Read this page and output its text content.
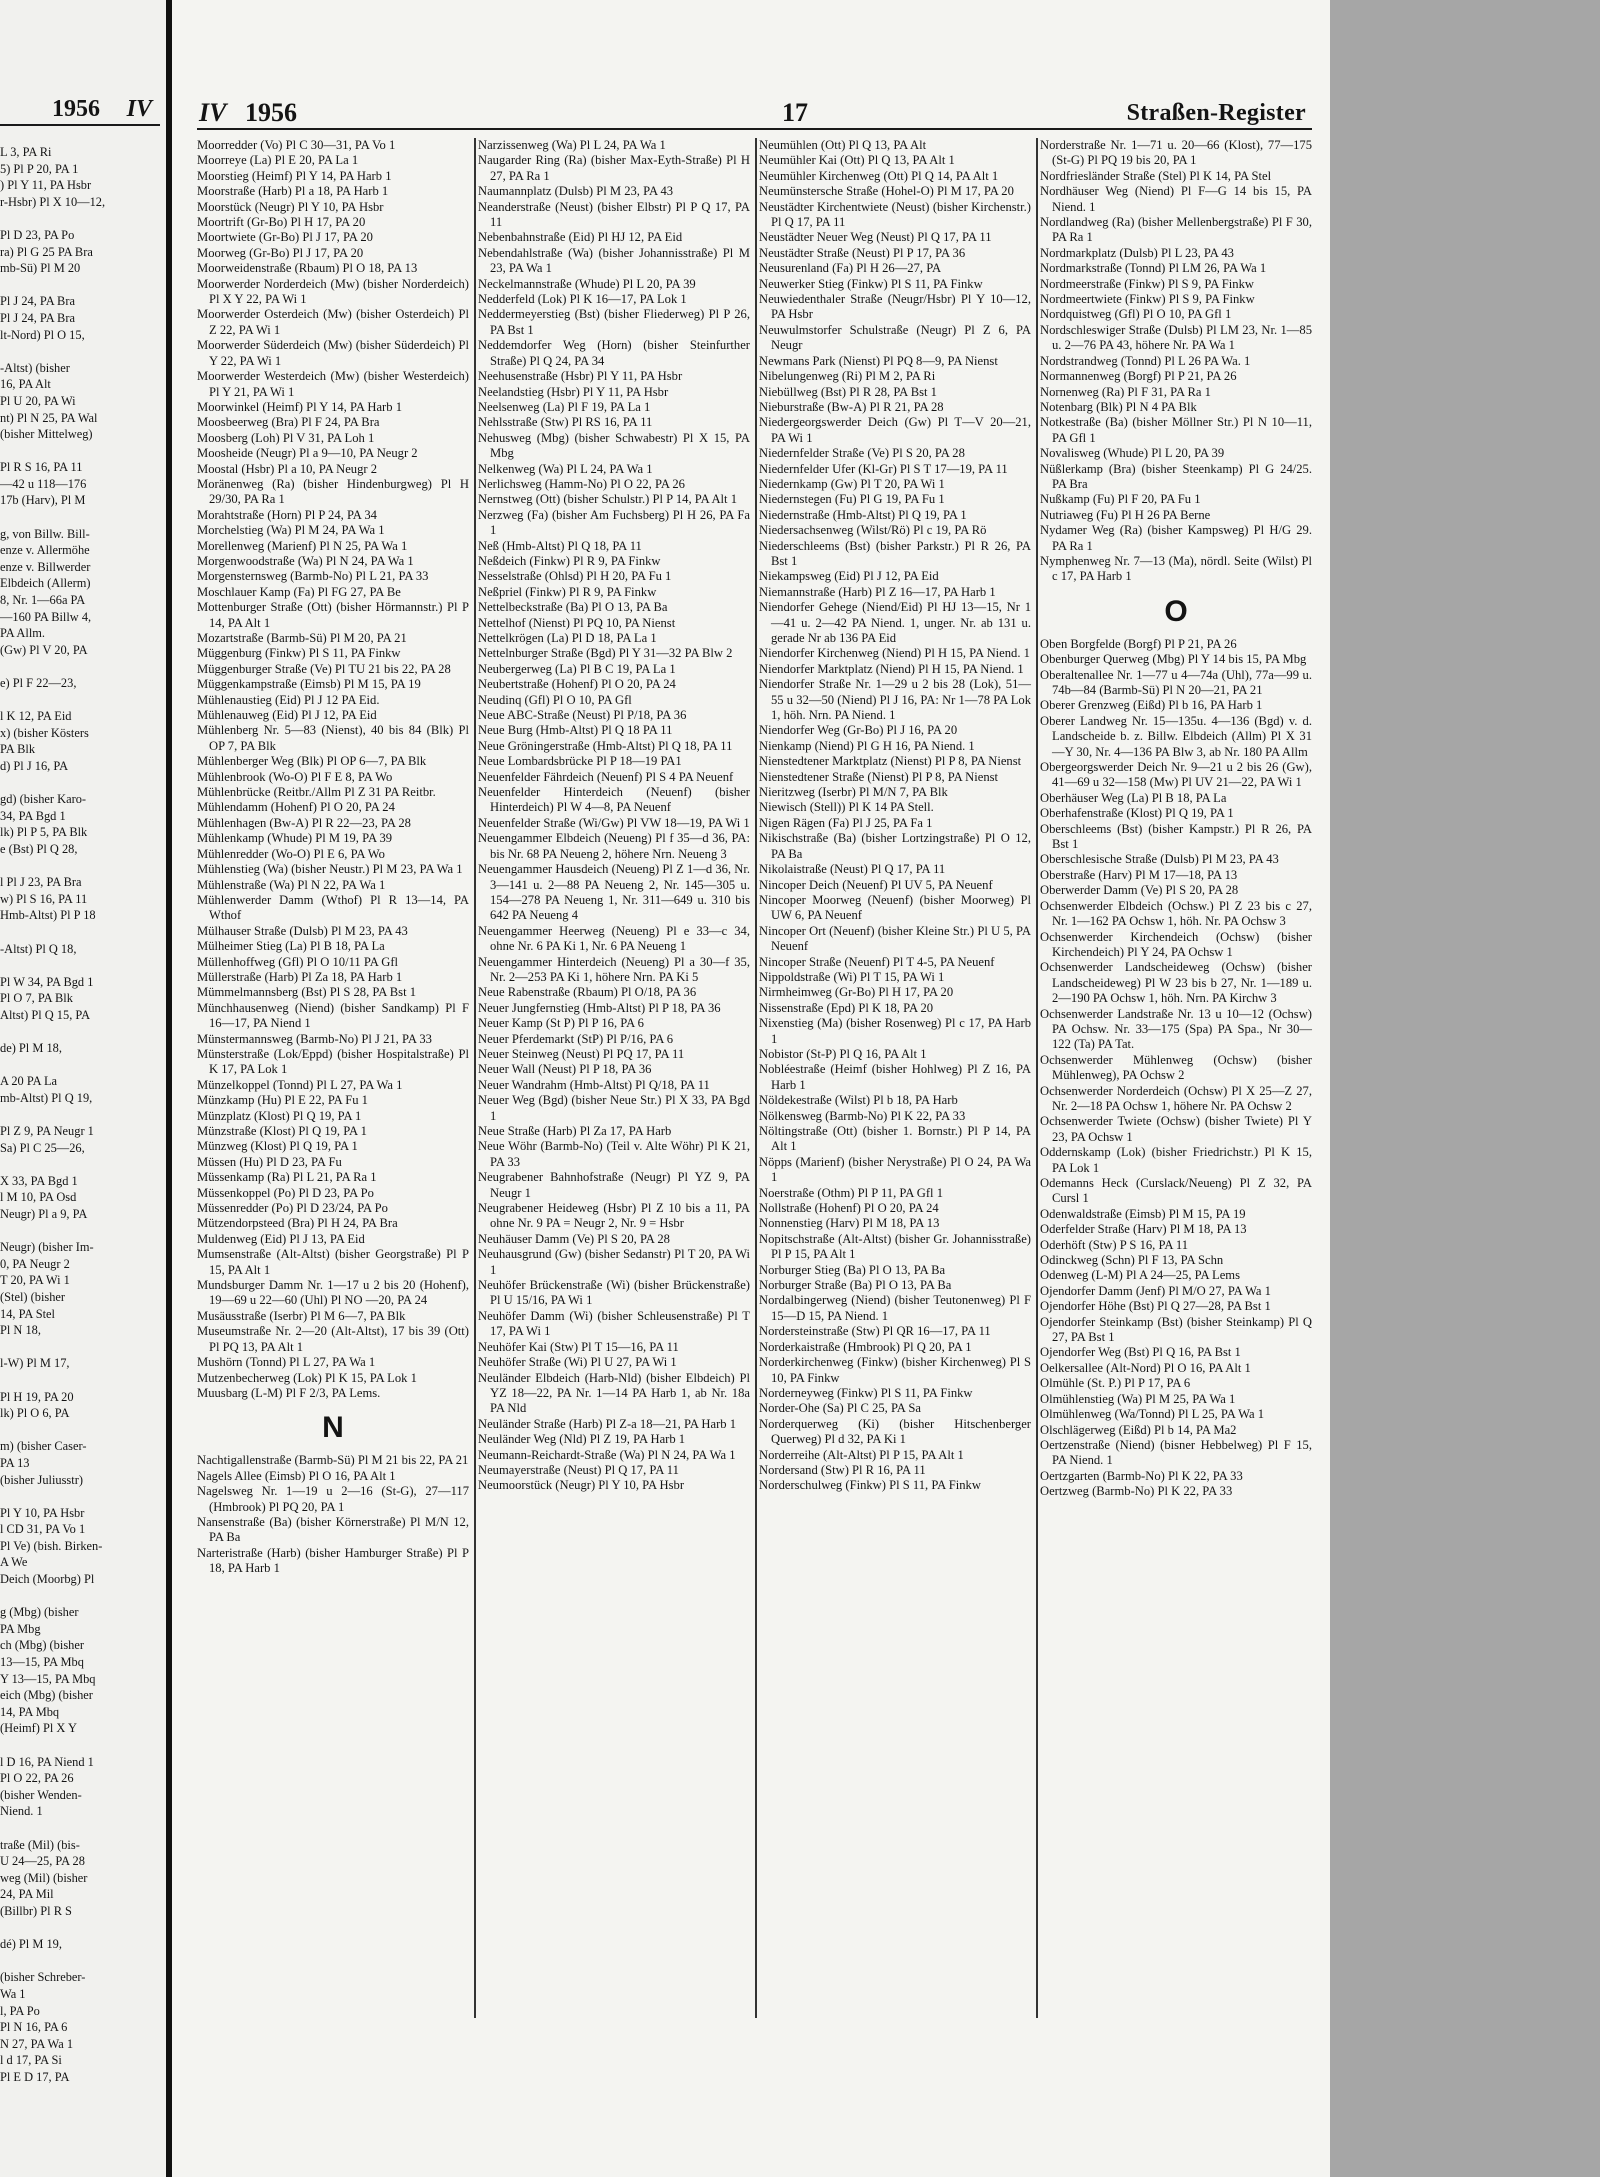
1956 IV
L 3, PA Ri
5) Pl P 20, PA 1
) Pl Y 11, PA Hsbr
r-Hsbr) Pl X 10—12,

Pl D 23, PA Po
ra) Pl G 25 PA Bra
mb-Sü) Pl M 20

Pl J 24, PA Bra
Pl J 24, PA Bra
lt-Nord) Pl O 15,

-Altst) (bisher
16, PA Alt
Pl U 20, PA Wi
nt) Pl N 25, PA Wal
(bisher Mittelweg)

Pl R S 16, PA 11
—42 u 118—176
17b (Harv), Pl M

g, von Billw. Bill-
enze v. Allermöhe
enze v. Billwerder
Elbdeich (Allerm)
8, Nr. 1—66a PA
—160 PA Billw 4,
PA Allm.
(Gw) Pl V 20, PA

e) Pl F 22—23,

l K 12, PA Eid
x) (bisher Kösters
PA Blk
d) Pl J 16, PA

gd) (bisher Karo-
34, PA Bgd 1
lk) Pl P 5, PA Blk
e (Bst) Pl Q 28,

l Pl J 23, PA Bra
w) Pl S 16, PA 11
Hmb-Altst) Pl P 18

-Altst) Pl Q 18,

Pl W 34, PA Bgd 1
Pl O 7, PA Blk
Altst) Pl Q 15, PA

de) Pl M 18,

A 20 PA La
mb-Altst) Pl Q 19,

Pl Z 9, PA Neugr 1
Sa) Pl C 25—26,

X 33, PA Bgd 1
l M 10, PA Osd
Neugr) Pl a 9, PA

Neugr) (bisher Im-
0, PA Neugr 2
T 20, PA Wi 1
(Stel) (bisher
14, PA Stel
Pl N 18,

l-W) Pl M 17,

Pl H 19, PA 20
lk) Pl O 6, PA

m) (bisher Caser-
PA 13
(bisher Juliusstr)

Pl Y 10, PA Hsbr
l CD 31, PA Vo 1
Pl Ve) (bish. Birken-
A We
Deich (Moorbg) Pl

g (Mbg) (bisher
PA Mbg
ch (Mbg) (bisher
13—15, PA Mbq
Y 13—15, PA Mbq
eich (Mbg) (bisher
14, PA Mbq
(Heimf) Pl X Y

l D 16, PA Niend 1
Pl O 22, PA 26
(bisher Wenden-
Niend. 1

traße (Mil) (bis-
U 24—25, PA 28
weg (Mil) (bisher
24, PA Mil
(Billbr) Pl R S

dé) Pl M 19,

(bisher Schreber-
Wa 1
l, PA Po
Pl N 16, PA 6
N 27, PA Wa 1
l d 17, PA Si
Pl E D 17, PA
IV 1956	17	Straßen-Register

Moorredder (Vo) Pl C 30—31, PA Vo 1

Moorreye (La) Pl E 20, PA La 1

Moorstieg (Heimf) Pl Y 14, PA Harb 1

Moorstraße (Harb) Pl a 18, PA Harb 1

Moorstück (Neugr) Pl Y 10, PA Hsbr

Moortrift (Gr-Bo) Pl H 17, PA 20

Moortwiete (Gr-Bo) Pl J 17, PA 20

Moorweg (Gr-Bo) Pl J 17, PA 20

Moorweidenstraße (Rbaum) Pl O 18, PA 13

Moorwerder Norderdeich (Mw) (bisher Norderdeich) Pl X Y 22, PA Wi 1

Moorwerder Osterdeich (Mw) (bisher Osterdeich) Pl Z 22, PA Wi 1

Moorwerder Süderdeich (Mw) (bisher Süderdeich) Pl Y 22, PA Wi 1

Moorwerder Westerdeich (Mw) (bisher Westerdeich) Pl Y 21, PA Wi 1

Moorwinkel (Heimf) Pl Y 14, PA Harb 1

Moosbeerweg (Bra) Pl F 24, PA Bra

Moosberg (Loh) Pl V 31, PA Loh 1

Moosheide (Neugr) Pl a 9—10, PA Neugr 2

Moostal (Hsbr) Pl a 10, PA Neugr 2

Moränenweg (Ra) (bisher Hindenburgweg) Pl H 29/30, PA Ra 1

Morahtstraße (Horn) Pl P 24, PA 34

Morchelstieg (Wa) Pl M 24, PA Wa 1

Morellenweg (Marienf) Pl N 25, PA Wa 1

Morgenwoodstraße (Wa) Pl N 24, PA Wa 1

Morgensternsweg (Barmb-No) Pl L 21, PA 33

Moschlauer Kamp (Fa) Pl FG 27, PA Be

Mottenburger Straße (Ott) (bisher Hörmannstr.) Pl P 14, PA Alt 1

Mozartstraße (Barmb-Sü) Pl M 20, PA 21

Müggenburg (Finkw) Pl S 11, PA Finkw

Müggenburger Straße (Ve) Pl TU 21 bis 22, PA 28

Müggenkampstraße (Eimsb) Pl M 15, PA 19

Mühlenaustieg (Eid) Pl J 12 PA Eid.

Mühlenauweg (Eid) Pl J 12, PA Eid

Mühlenberg Nr. 5—83 (Nienst), 40 bis 84 (Blk) Pl OP 7, PA Blk

Mühlenberger Weg (Blk) Pl OP 6—7, PA Blk

Mühlenbrook (Wo-O) Pl F E 8, PA Wo

Mühlenbrücke (Reitbr./Allm Pl Z 31 PA Reitbr.

Mühlendamm (Hohenf) Pl O 20, PA 24

Mühlenhagen (Bw-A) Pl R 22—23, PA 28

Mühlenkamp (Whude) Pl M 19, PA 39

Mühlenredder (Wo-O) Pl E 6, PA Wo

Mühlenstieg (Wa) (bisher Neustr.) Pl M 23, PA Wa 1

Mühlenstraße (Wa) Pl N 22, PA Wa 1

Mühlenwerder Damm (Wthof) Pl R 13—14, PA Wthof

Mülhauser Straße (Dulsb) Pl M 23, PA 43

Mülheimer Stieg (La) Pl B 18, PA La

Müllenhoffweg (Gfl) Pl O 10/11 PA Gfl

Müllerstraße (Harb) Pl Za 18, PA Harb 1

Mümmelmannsberg (Bst) Pl S 28, PA Bst 1

Münchhausenweg (Niend) (bisher Sandkamp) Pl F 16—17, PA Niend 1

Münstermannsweg (Barmb-No) Pl J 21, PA 33

Münsterstraße (Lok/Eppd) (bisher Hospitalstraße) Pl K 17, PA Lok 1

Münzelkoppel (Tonnd) Pl L 27, PA Wa 1

Münzkamp (Hu) Pl E 22, PA Fu 1

Münzplatz (Klost) Pl Q 19, PA 1

Münzstraße (Klost) Pl Q 19, PA 1

Münzweg (Klost) Pl Q 19, PA 1

Müssen (Hu) Pl D 23, PA Fu

Müssenkamp (Ra) Pl L 21, PA Ra 1

Müssenkoppel (Po) Pl D 23, PA Po

Müssenredder (Po) Pl D 23/24, PA Po

Mützendorpsteed (Bra) Pl H 24, PA Bra

Muldenweg (Eid) Pl J 13, PA Eid

Mumsenstraße (Alt-Altst) (bisher Georgstraße) Pl P 15, PA Alt 1

Mundsburger Damm Nr. 1—17 u 2 bis 20 (Hohenf), 19—69 u 22—60 (Uhl) Pl NO —20, PA 24

Musäusstraße (Iserbr) Pl M 6—7, PA Blk

Museumstraße Nr. 2—20 (Alt-Altst), 17 bis 39 (Ott) Pl PQ 13, PA Alt 1

Mushörn (Tonnd) Pl L 27, PA Wa 1

Mutzenbecherweg (Lok) Pl K 15, PA Lok 1

Muusbarg (L-M) Pl F 2/3, PA Lems.

N

Nachtigallenstraße (Barmb-Sü) Pl M 21 bis 22, PA 21

Nagels Allee (Eimsb) Pl O 16, PA Alt 1

Nagelsweg Nr. 1—19 u 2—16 (St-G), 27—117 (Hmbrook) Pl PQ 20, PA 1

Nansenstraße (Ba) (bisher Körnerstraße) Pl M/N 12, PA Ba

Narteristraße (Harb) (bisher Hamburger Straße) Pl P 18, PA Harb 1

Narzissenweg (Wa) Pl L 24, PA Wa 1

Naugarder Ring (Ra) (bisher Max-Eyth-Straße) Pl H 27, PA Ra 1

Naumannplatz (Dulsb) Pl M 23, PA 43

Neanderstraße (Neust) (bisher Elbstr) Pl P Q 17, PA 11

Nebenbahnstraße (Eid) Pl HJ 12, PA Eid

Nebendahlstraße (Wa) (bisher Johannisstraße) Pl M 23, PA Wa 1

Neckelmannstraße (Whude) Pl L 20, PA 39

Nedderfeld (Lok) Pl K 16—17, PA Lok 1

Neddermeyerstieg (Bst) (bisher Fliederweg) Pl P 26, PA Bst 1

Neddemdorfer Weg (Horn) (bisher Steinfurther Straße) Pl Q 24, PA 34

Neehusenstraße (Hsbr) Pl Y 11, PA Hsbr

Neelandstieg (Hsbr) Pl Y 11, PA Hsbr

Neelsenweg (La) Pl F 19, PA La 1

Nehlsstraße (Stw) Pl RS 16, PA 11

Nehusweg (Mbg) (bisher Schwabestr) Pl X 15, PA Mbg

Nelkenweg (Wa) Pl L 24, PA Wa 1

Nerlichsweg (Hamm-No) Pl O 22, PA 26

Nernstweg (Ott) (bisher Schulstr.) Pl P 14, PA Alt 1

Nerzweg (Fa) (bisher Am Fuchsberg) Pl H 26, PA Fa 1

Neß (Hmb-Altst) Pl Q 18, PA 11

Neßdeich (Finkw) Pl R 9, PA Finkw

Nesselstraße (Ohlsd) Pl H 20, PA Fu 1

Neßpriel (Finkw) Pl R 9, PA Finkw

Nettelbeckstraße (Ba) Pl O 13, PA Ba

Nettelhof (Nienst) Pl PQ 10, PA Nienst

Nettelkrögen (La) Pl D 18, PA La 1

Nettelnburger Straße (Bgd) Pl Y 31—32 PA Blw 2

Neubergerweg (La) Pl B C 19, PA La 1

Neubertstraße (Hohenf) Pl O 20, PA 24

Neudinq (Gfl) Pl O 10, PA Gfl

Neue ABC-Straße (Neust) Pl P/18, PA 36

Neue Burg (Hmb-Altst) Pl Q 18 PA 11

Neue Gröningerstraße (Hmb-Altst) Pl Q 18, PA 11

Neue Lombardsbrücke Pl P 18—19 PA1

Neuenfelder Fährdeich (Neuenf) Pl S 4 PA Neuenf

Neuenfelder Hinterdeich (Neuenf) (bisher Hinterdeich) Pl W 4—8, PA Neuenf

Neuenfelder Straße (Wi/Gw) Pl VW 18—19, PA Wi 1

Neuengammer Elbdeich (Neueng) Pl f 35—d 36, PA: bis Nr. 68 PA Neueng 2, höhere Nrn. Neueng 3

Neuengammer Hausdeich (Neueng) Pl Z 1—d 36, Nr. 3—141 u. 2—88 PA Neueng 2, Nr. 145—305 u. 154—278 PA Neueng 1, Nr. 311—649 u. 310 bis 642 PA Neueng 4

Neuengammer Heerweg (Neueng) Pl e 33—c 34, ohne Nr. 6 PA Ki 1, Nr. 6 PA Neueng 1

Neuengammer Hinterdeich (Neueng) Pl a 30—f 35, Nr. 2—253 PA Ki 1, höhere Nrn. PA Ki 5

Neue Rabenstraße (Rbaum) Pl O/18, PA 36

Neuer Jungfernstieg (Hmb-Altst) Pl P 18, PA 36

Neuer Kamp (St P) Pl P 16, PA 6

Neuer Pferdemarkt (StP) Pl P/16, PA 6

Neuer Steinweg (Neust) Pl PQ 17, PA 11

Neuer Wall (Neust) Pl P 18, PA 36

Neuer Wandrahm (Hmb-Altst) Pl Q/18, PA 11

Neuer Weg (Bgd) (bisher Neue Str.) Pl X 33, PA Bgd 1

Neue Straße (Harb) Pl Za 17, PA Harb

Neue Wöhr (Barmb-No) (Teil v. Alte Wöhr) Pl K 21, PA 33

Neugrabener Bahnhofstraße (Neugr) Pl YZ 9, PA Neugr 1

Neugrabener Heideweg (Hsbr) Pl Z 10 bis a 11, PA ohne Nr. 9 PA = Neugr 2, Nr. 9 = Hsbr

Neuhäuser Damm (Ve) Pl S 20, PA 28

Neuhausgrund (Gw) (bisher Sedanstr) Pl T 20, PA Wi 1

Neuhöfer Brückenstraße (Wi) (bisher Brückenstraße) Pl U 15/16, PA Wi 1

Neuhöfer Damm (Wi) (bisher Schleusenstraße) Pl T 17, PA Wi 1

Neuhöfer Kai (Stw) Pl T 15—16, PA 11

Neuhöfer Straße (Wi) Pl U 27, PA Wi 1

Neuländer Elbdeich (Harb-Nld) (bisher Elbdeich) Pl YZ 18—22, PA Nr. 1—14 PA Harb 1, ab Nr. 18a PA Nld

Neuländer Straße (Harb) Pl Z-a 18—21, PA Harb 1

Neuländer Weg (Nld) Pl Z 19, PA Harb 1

Neumann-Reichardt-Straße (Wa) Pl N 24, PA Wa 1

Neumayerstraße (Neust) Pl Q 17, PA 11

Neumoorstück (Neugr) Pl Y 10, PA Hsbr

Neumühlen (Ott) Pl Q 13, PA Alt

Neumühler Kai (Ott) Pl Q 13, PA Alt 1

Neumühler Kirchenweg (Ott) Pl Q 14, PA Alt 1

Neumünstersche Straße (Hohel-O) Pl M 17, PA 20

Neustädter Kirchentwiete (Neust) (bisher Kirchenstr.) Pl Q 17, PA 11

Neustädter Neuer Weg (Neust) Pl Q 17, PA 11

Neustädter Straße (Neust) Pl P 17, PA 36

Neusurenland (Fa) Pl H 26—27, PA

Neuwerker Stieg (Finkw) Pl S 11, PA Finkw

Neuwiedenthaler Straße (Neugr/Hsbr) Pl Y 10—12, PA Hsbr

Neuwulmstorfer Schulstraße (Neugr) Pl Z 6, PA Neugr

Newmans Park (Nienst) Pl PQ 8—9, PA Nienst

Nibelungenweg (Ri) Pl M 2, PA Ri

Niebüllweg (Bst) Pl R 28, PA Bst 1

Nieburstraße (Bw-A) Pl R 21, PA 28

Niedergeorgswerder Deich (Gw) Pl T—V 20—21, PA Wi 1

Niedernfelder Straße (Ve) Pl S 20, PA 28

Niedernfelder Ufer (Kl-Gr) Pl S T 17—19, PA 11

Niedernkamp (Gw) Pl T 20, PA Wi 1

Niedernstegen (Fu) Pl G 19, PA Fu 1

Niedernstraße (Hmb-Altst) Pl Q 19, PA 1

Niedersachsenweg (Wilst/Rö) Pl c 19, PA Rö

Niederschleems (Bst) (bisher Parkstr.) Pl R 26, PA Bst 1

Niekampsweg (Eid) Pl J 12, PA Eid

Niemannstraße (Harb) Pl Z 16—17, PA Harb 1

Niendorfer Gehege (Niend/Eid) Pl HJ 13—15, Nr 1—41 u. 2—42 PA Niend. 1, unger. Nr. ab 131 u. gerade Nr ab 136 PA Eid

Niendorfer Kirchenweg (Niend) Pl H 15, PA Niend. 1

Niendorfer Marktplatz (Niend) Pl H 15, PA Niend. 1

Niendorfer Straße Nr. 1—29 u 2 bis 28 (Lok), 51—55 u 32—50 (Niend) Pl J 16, PA: Nr 1—78 PA Lok 1, höh. Nrn. PA Niend. 1

Niendorfer Weg (Gr-Bo) Pl J 16, PA 20

Nienkamp (Niend) Pl G H 16, PA Niend. 1

Nienstedtener Marktplatz (Nienst) Pl P 8, PA Nienst

Nienstedtener Straße (Nienst) Pl P 8, PA Nienst

Nieritzweg (Iserbr) Pl M/N 7, PA Blk

Niewisch (Stell)) Pl K 14 PA Stell.

Nigen Rägen (Fa) Pl J 25, PA Fa 1

Nikischstraße (Ba) (bisher Lortzingstraße) Pl O 12, PA Ba

Nikolaistraße (Neust) Pl Q 17, PA 11

Nincoper Deich (Neuenf) Pl UV 5, PA Neuenf

Nincoper Moorweg (Neuenf) (bisher Moorweg) Pl UW 6, PA Neuenf

Nincoper Ort (Neuenf) (bisher Kleine Str.) Pl U 5, PA Neuenf

Nincoper Straße (Neuenf) Pl T 4-5, PA Neuenf

Nippoldstraße (Wi) Pl T 15, PA Wi 1

Nirmheimweg (Gr-Bo) Pl H 17, PA 20

Nissenstraße (Epd) Pl K 18, PA 20

Nixenstieg (Ma) (bisher Rosenweg) Pl c 17, PA Harb 1

Nobistor (St-P) Pl Q 16, PA Alt 1

Nobléestraße (Heimf (bisher Hohlweg) Pl Z 16, PA Harb 1

Nöldekestraße (Wilst) Pl b 18, PA Harb

Nölkensweg (Barmb-No) Pl K 22, PA 33

Nöltingstraße (Ott) (bisher 1. Bornstr.) Pl P 14, PA Alt 1

Nöpps (Marienf) (bisher Nerystraße) Pl O 24, PA Wa 1

Noerstraße (Othm) Pl P 11, PA Gfl 1

Nollstraße (Hohenf) Pl O 20, PA 24

Nonnenstieg (Harv) Pl M 18, PA 13

Nopitschstraße (Alt-Altst) (bisher Gr. Johannisstraße) Pl P 15, PA Alt 1

Norburger Stieg (Ba) Pl O 13, PA Ba

Norburger Straße (Ba) Pl O 13, PA Ba

Nordalbingerweg (Niend) (bisher Teutonenweg) Pl F 15—D 15, PA Niend. 1

Nordersteinstraße (Stw) Pl QR 16—17, PA 11

Norderkaistraße (Hmbrook) Pl Q 20, PA 1

Norderkirchenweg (Finkw) (bisher Kirchenweg) Pl S 10, PA Finkw

Norderneyweg (Finkw) Pl S 11, PA Finkw

Norder-Ohe (Sa) Pl C 25, PA Sa

Norderquerweg (Ki) (bisher Hitschenberger Querweg) Pl d 32, PA Ki 1

Norderreihe (Alt-Altst) Pl P 15, PA Alt 1

Nordersand (Stw) Pl R 16, PA 11

Norderschulweg (Finkw) Pl S 11, PA Finkw

Norderstraße Nr. 1—71 u. 20—66 (Klost), 77—175 (St-G) Pl PQ 19 bis 20, PA 1

Nordfriesländer Straße (Stel) Pl K 14, PA Stel

Nordhäuser Weg (Niend) Pl F—G 14 bis 15, PA Niend. 1

Nordlandweg (Ra) (bisher Mellenbergstraße) Pl F 30, PA Ra 1

Nordmarkplatz (Dulsb) Pl L 23, PA 43

Nordmarkstraße (Tonnd) Pl LM 26, PA Wa 1

Nordmeerstraße (Finkw) Pl S 9, PA Finkw

Nordmeertwiete (Finkw) Pl S 9, PA Finkw

Nordquistweg (Gfl) Pl O 10, PA Gfl 1

Nordschleswiger Straße (Dulsb) Pl LM 23, Nr. 1—85 u. 2—76 PA 43, höhere Nr. PA Wa 1

Nordstrandweg (Tonnd) Pl L 26 PA Wa. 1

Normannenweg (Borgf) Pl P 21, PA 26

Nornenweg (Ra) Pl F 31, PA Ra 1

Notenbarg (Blk) Pl N 4 PA Blk

Notkestraße (Ba) (bisher Möllner Str.) Pl N 10—11, PA Gfl 1

Novalisweg (Whude) Pl L 20, PA 39

Nüßlerkamp (Bra) (bisher Steenkamp) Pl G 24/25. PA Bra

Nußkamp (Fu) Pl F 20, PA Fu 1

Nutriaweg (Fu) Pl H 26 PA Berne

Nydamer Weg (Ra) (bisher Kampsweg) Pl H/G 29. PA Ra 1

Nymphenweg Nr. 7—13 (Ma), nördl. Seite (Wilst) Pl c 17, PA Harb 1

O

Oben Borgfelde (Borgf) Pl P 21, PA 26

Obenburger Querweg (Mbg) Pl Y 14 bis 15, PA Mbg

Oberaltenallee Nr. 1—77 u 4—74a (Uhl), 77a—99 u. 74b—84 (Barmb-Sü) Pl N 20—21, PA 21

Oberer Grenzweg (Eißd) Pl b 16, PA Harb 1

Oberer Landweg Nr. 15—135u. 4—136 (Bgd) v. d. Landscheide b. z. Billw. Elbdeich (Allm) Pl X 31—Y 30, Nr. 4—136 PA Blw 3, ab Nr. 180 PA Allm

Obergeorgswerder Deich Nr. 9—21 u 2 bis 26 (Gw), 41—69 u 32—158 (Mw) Pl UV 21—22, PA Wi 1

Oberhäuser Weg (La) Pl B 18, PA La

Oberhafenstraße (Klost) Pl Q 19, PA 1

Oberschleems (Bst) (bisher Kampstr.) Pl R 26, PA Bst 1

Oberschlesische Straße (Dulsb) Pl M 23, PA 43

Oberstraße (Harv) Pl M 17—18, PA 13

Oberwerder Damm (Ve) Pl S 20, PA 28

Ochsenwerder Elbdeich (Ochsw.) Pl Z 23 bis c 27, Nr. 1—162 PA Ochsw 1, höh. Nr. PA Ochsw 3

Ochsenwerder Kirchendeich (Ochsw) (bisher Kirchendeich) Pl Y 24, PA Ochsw 1

Ochsenwerder Landscheideweg (Ochsw) (bisher Landscheideweg) Pl W 23 bis b 27, Nr. 1—189 u. 2—190 PA Ochsw 1, höh. Nrn. PA Kirchw 3

Ochsenwerder Landstraße Nr. 13 u 10—12 (Ochsw) PA Ochsw. Nr. 33—175 (Spa) PA Spa., Nr 30—122 (Ta) PA Tat.

Ochsenwerder Mühlenweg (Ochsw) (bisher Mühlenweg), PA Ochsw 2

Ochsenwerder Norderdeich (Ochsw) Pl X 25—Z 27, Nr. 2—18 PA Ochsw 1, höhere Nr. PA Ochsw 2

Ochsenwerder Twiete (Ochsw) (bisher Twiete) Pl Y 23, PA Ochsw 1

Oddernskamp (Lok) (bisher Friedrichstr.) Pl K 15, PA Lok 1

Odemanns Heck (Curslack/Neueng) Pl Z 32, PA Cursl 1

Odenwaldstraße (Eimsb) Pl M 15, PA 19

Oderfelder Straße (Harv) Pl M 18, PA 13

Oderhöft (Stw) P S 16, PA 11

Odinckweg (Schn) Pl F 13, PA Schn

Odenweg (L-M) Pl A 24—25, PA Lems

Ojendorfer Damm (Jenf) Pl M/O 27, PA Wa 1

Ojendorfer Höhe (Bst) Pl Q 27—28, PA Bst 1

Ojendorfer Steinkamp (Bst) (bisher Steinkamp) Pl Q 27, PA Bst 1

Ojendorfer Weg (Bst) Pl Q 16, PA Bst 1

Oelkersallee (Alt-Nord) Pl O 16, PA Alt 1

Olmühle (St. P.) Pl P 17, PA 6

Olmühlenstieg (Wa) Pl M 25, PA Wa 1

Olmühlenweg (Wa/Tonnd) Pl L 25, PA Wa 1

Olschlägerweg (Eißd) Pl b 14, PA Ma2

Oertzenstraße (Niend) (bisner Hebbelweg) Pl F 15, PA Niend. 1

Oertzgarten (Barmb-No) Pl K 22, PA 33

Oertzweg (Barmb-No) Pl K 22, PA 33
